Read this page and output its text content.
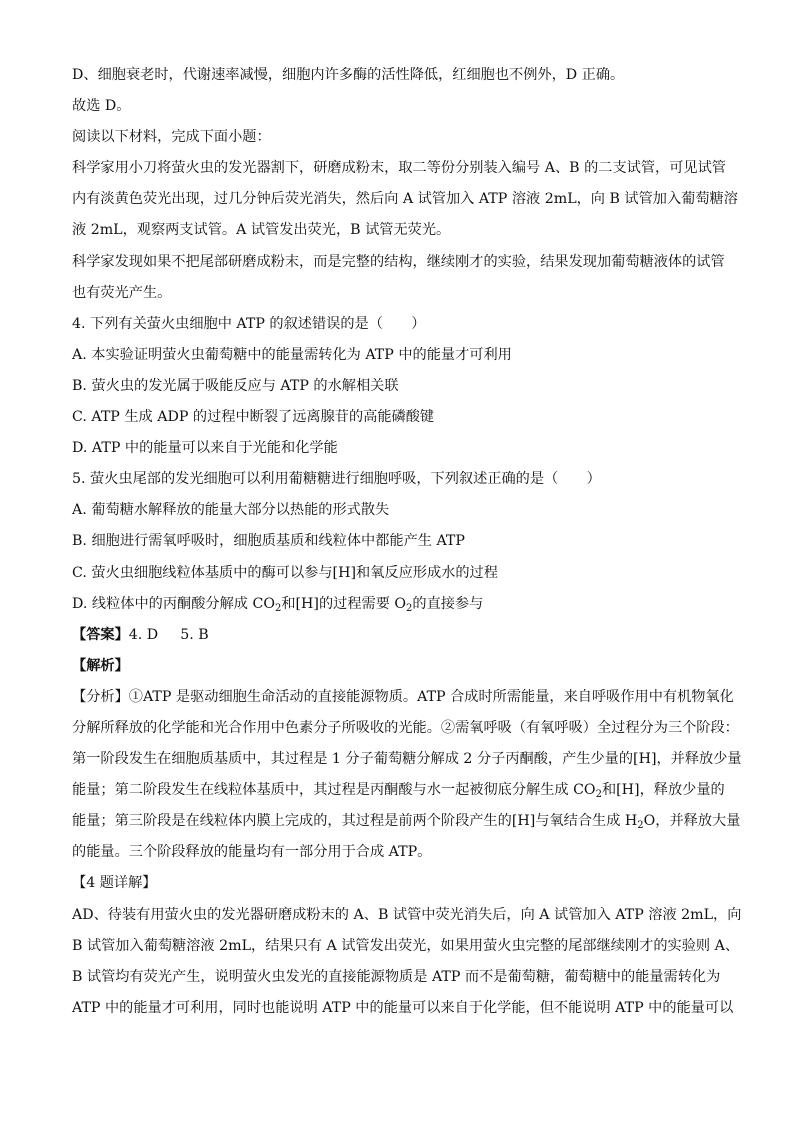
D、细胞衰老时，代谢速率减慢，细胞内许多酶的活性降低，红细胞也不例外，D 正确。
故选 D。
阅读以下材料，完成下面小题：
科学家用小刀将萤火虫的发光器割下，研磨成粉末，取二等份分别装入编号 A、B 的二支试管，可见试管
内有淡黄色荧光出现，过几分钟后荧光消失，然后向 A 试管加入 ATP 溶液 2mL，向 B 试管加入葡萄糖溶
液 2mL，观察两支试管。A 试管发出荧光，B 试管无荧光。
科学家发现如果不把尾部研磨成粉末，而是完整的结构，继续刚才的实验，结果发现加葡萄糖液体的试管
也有荧光产生。
4. 下列有关萤火虫细胞中 ATP 的叙述错误的是（　　）
A. 本实验证明萤火虫葡萄糖中的能量需转化为 ATP 中的能量才可利用
B. 萤火虫的发光属于吸能反应与 ATP 的水解相关联
C. ATP 生成 ADP 的过程中断裂了远离腺苷的高能磷酸键
D. ATP 中的能量可以来自于光能和化学能
5. 萤火虫尾部的发光细胞可以利用葡糖糖进行细胞呼吸，下列叙述正确的是（　　）
A. 葡萄糖水解释放的能量大部分以热能的形式散失
B. 细胞进行需氧呼吸时，细胞质基质和线粒体中都能产生 ATP
C. 萤火虫细胞线粒体基质中的酶可以参与[H]和氧反应形成水的过程
D. 线粒体中的丙酮酸分解成 $CO_2$和[H]的过程需要 $O_2$的直接参与
【答案】4. D 5. B
【解析】
【分析】①ATP 是驱动细胞生命活动的直接能源物质。ATP 合成时所需能量，来自呼吸作用中有机物氧化
分解所释放的化学能和光合作用中色素分子所吸收的光能。②需氧呼吸（有氧呼吸）全过程分为三个阶段：
第一阶段发生在细胞质基质中，其过程是 1 分子葡萄糖分解成 2 分子丙酮酸，产生少量的[H]，并释放少量
能量；第二阶段发生在线粒体基质中，其过程是丙酮酸与水一起被彻底分解生成 $CO_2$和[H]，释放少量的
能量；第三阶段是在线粒体内膜上完成的，其过程是前两个阶段产生的[H]与氧结合生成 $H_2O$，并释放大量
的能量。三个阶段释放的能量均有一部分用于合成 ATP。
【4 题详解】
AD、待装有用萤火虫的发光器研磨成粉末的 A、B 试管中荧光消失后，向 A 试管加入 ATP 溶液 2mL，向
B 试管加入葡萄糖溶液 2mL，结果只有 A 试管发出荧光，如果用萤火虫完整的尾部继续刚才的实验则 A、
B 试管均有荧光产生，说明萤火虫发光的直接能源物质是 ATP 而不是葡萄糖，葡萄糖中的能量需转化为
ATP 中的能量才可利用，同时也能说明 ATP 中的能量可以来自于化学能，但不能说明 ATP 中的能量可以
